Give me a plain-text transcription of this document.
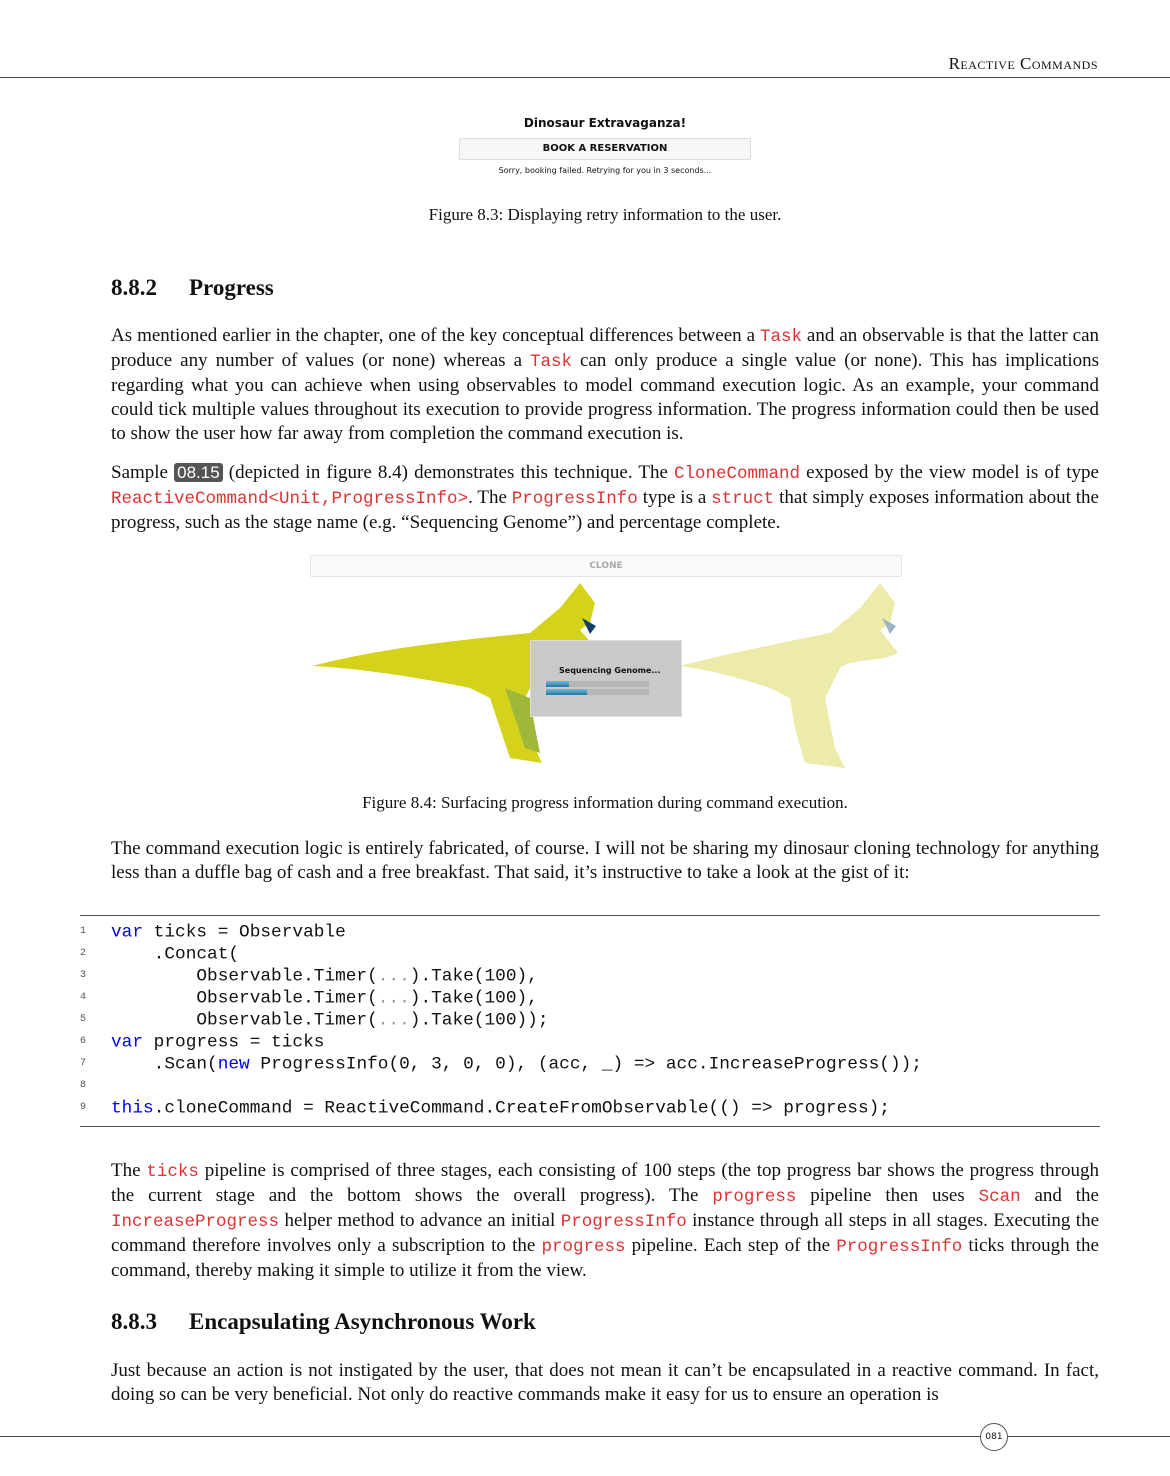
Reactive Commands
Dinosaur Extravaganza!
BOOK A RESERVATION
Sorry, booking failed. Retrying for you in 3 seconds...
Figure 8.3: Displaying retry information to the user.
8.8.2 Progress
As mentioned earlier in the chapter, one of the key conceptual differences between a Task and an observable is that the latter can produce any number of values (or none) whereas a Task can only produce a single value (or none). This has implications regarding what you can achieve when using observables to model command execution logic. As an example, your command could tick multiple values throughout its execution to provide progress information. The progress information could then be used to show the user how far away from completion the command execution is.
Sample 08.15 (depicted in figure 8.4) demonstrates this technique. The CloneCommand exposed by the view model is of type ReactiveCommand<Unit,ProgressInfo>. The ProgressInfo type is a struct that simply exposes information about the progress, such as the stage name (e.g. “Sequencing Genome”) and percentage complete.
CLONE
Sequencing Genome...
Figure 8.4: Surfacing progress information during command execution.
The command execution logic is entirely fabricated, of course. I will not be sharing my dinosaur cloning technology for anything less than a duffle bag of cash and a free breakfast. That said, it’s instructive to take a look at the gist of it:
1 var ticks = Observable
2    .Concat(
3        Observable.Timer(...).Take(100),
4        Observable.Timer(...).Take(100),
5        Observable.Timer(...).Take(100));
6 var progress = ticks
7    .Scan(new ProgressInfo(0, 3, 0, 0), (acc, _) => acc.IncreaseProgress());
8
9 this.cloneCommand = ReactiveCommand.CreateFromObservable(() => progress);
The ticks pipeline is comprised of three stages, each consisting of 100 steps (the top progress bar shows the progress through the current stage and the bottom shows the overall progress). The progress pipeline then uses Scan and the IncreaseProgress helper method to advance an initial ProgressInfo instance through all steps in all stages. Executing the command therefore involves only a subscription to the progress pipeline. Each step of the ProgressInfo ticks through the command, thereby making it simple to utilize it from the view.
8.8.3 Encapsulating Asynchronous Work
Just because an action is not instigated by the user, that does not mean it can’t be encapsulated in a reactive command. In fact, doing so can be very beneficial. Not only do reactive commands make it easy for us to ensure an operation is
081
